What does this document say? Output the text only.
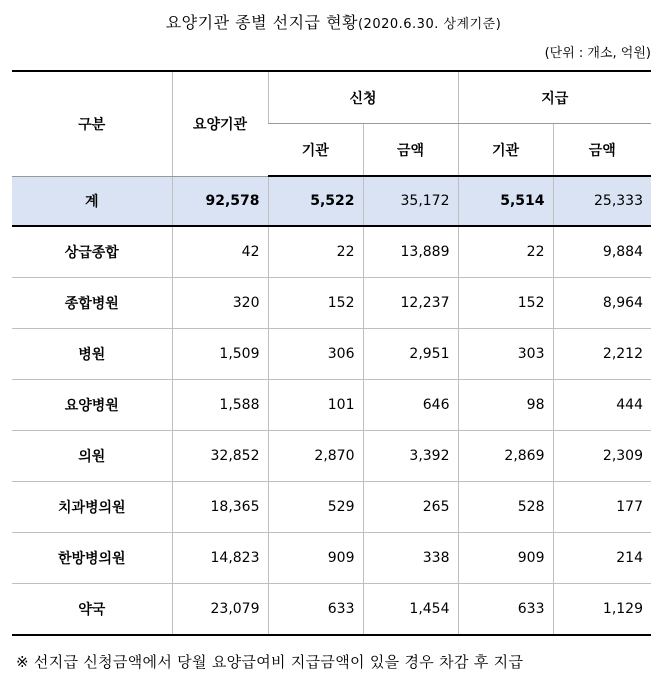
요양기관 종별 선지급 현황(2020.6.30. 상계기준)
(단위 : 개소, 억원)
구분	요양기관	신청		지급	
		기관	금액	기관	금액
계	92,578	5,522	35,172	5,514	25,333
상급종합	42	22	13,889	22	9,884
종합병원	320	152	12,237	152	8,964
병원	1,509	306	2,951	303	2,212
요양병원	1,588	101	646	98	444
의원	32,852	2,870	3,392	2,869	2,309
치과병의원	18,365	529	265	528	177
한방병의원	14,823	909	338	909	214
약국	23,079	633	1,454	633	1,129
※ 선지급 신청금액에서 당월 요양급여비 지급금액이 있을 경우 차감 후 지급
